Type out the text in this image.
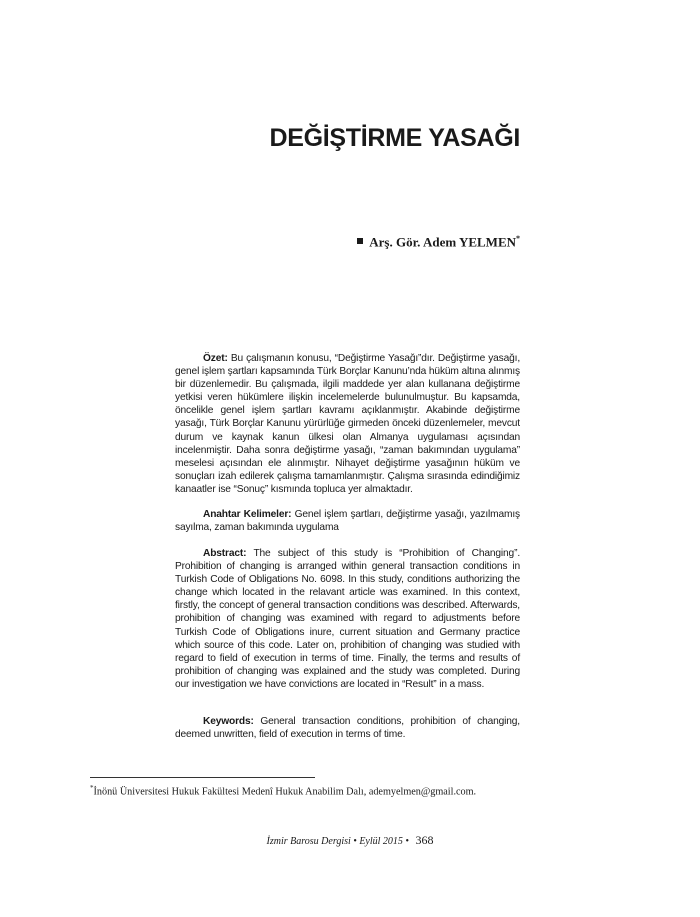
DEĞİŞTİRME YASAĞI
Arş. Gör. Adem YELMEN*

Özet: Bu çalışmanın konusu, “Değiştirme Yasağı”dır. Değiştirme yasağı, genel işlem şartları kapsamında Türk Borçlar Kanunu’nda hüküm altına alınmış bir düzenlemedir. Bu çalışmada, ilgili maddede yer alan kullanana değiştirme yetkisi veren hükümlere ilişkin incelemelerde bulunulmuştur. Bu kapsamda, öncelikle genel işlem şartları kavramı açıklanmıştır. Akabinde değiştirme yasağı, Türk Borçlar Kanunu yürürlüğe girmeden önceki düzenlemeler, mevcut durum ve kaynak kanun ülkesi olan Almanya uygulaması açısından incelenmiştir. Daha sonra değiştirme yasağı, “zaman bakımından uygulama” meselesi açısından ele alınmıştır. Nihayet değiştirme yasağının hüküm ve sonuçları izah edilerek çalışma tamamlanmıştır. Çalışma sırasında edindiğimiz kanaatler ise “Sonuç” kısmında topluca yer almaktadır.

Anahtar Kelimeler: Genel işlem şartları, değiştirme yasağı, yazılmamış sayılma, zaman bakımında uygulama

Abstract: The subject of this study is “Prohibition of Changing”. Prohibition of changing is arranged within general transaction conditions in Turkish Code of Obligations No. 6098. In this study, conditions authorizing the change which located in the relavant article was examined. In this context, firstly, the concept of general transaction conditions was described. Afterwards, prohibition of changing was examined with regard to adjustments before Turkish Code of Obligations inure, current situation and Germany practice which source of this code. Later on, prohibition of changing was studied with regard to field of execution in terms of time. Finally, the terms and results of prohibition of changing was explained and the study was completed. During our investigation we have convictions are located in “Result” in a mass.

Keywords: General transaction conditions, prohibition of changing, deemed unwritten, field of execution in terms of time.

*İnönü Üniversitesi Hukuk Fakültesi Medenî Hukuk Anabilim Dalı, ademyelmen@gmail.com.
İzmir Barosu Dergisi • Eylül 2015 • 368
